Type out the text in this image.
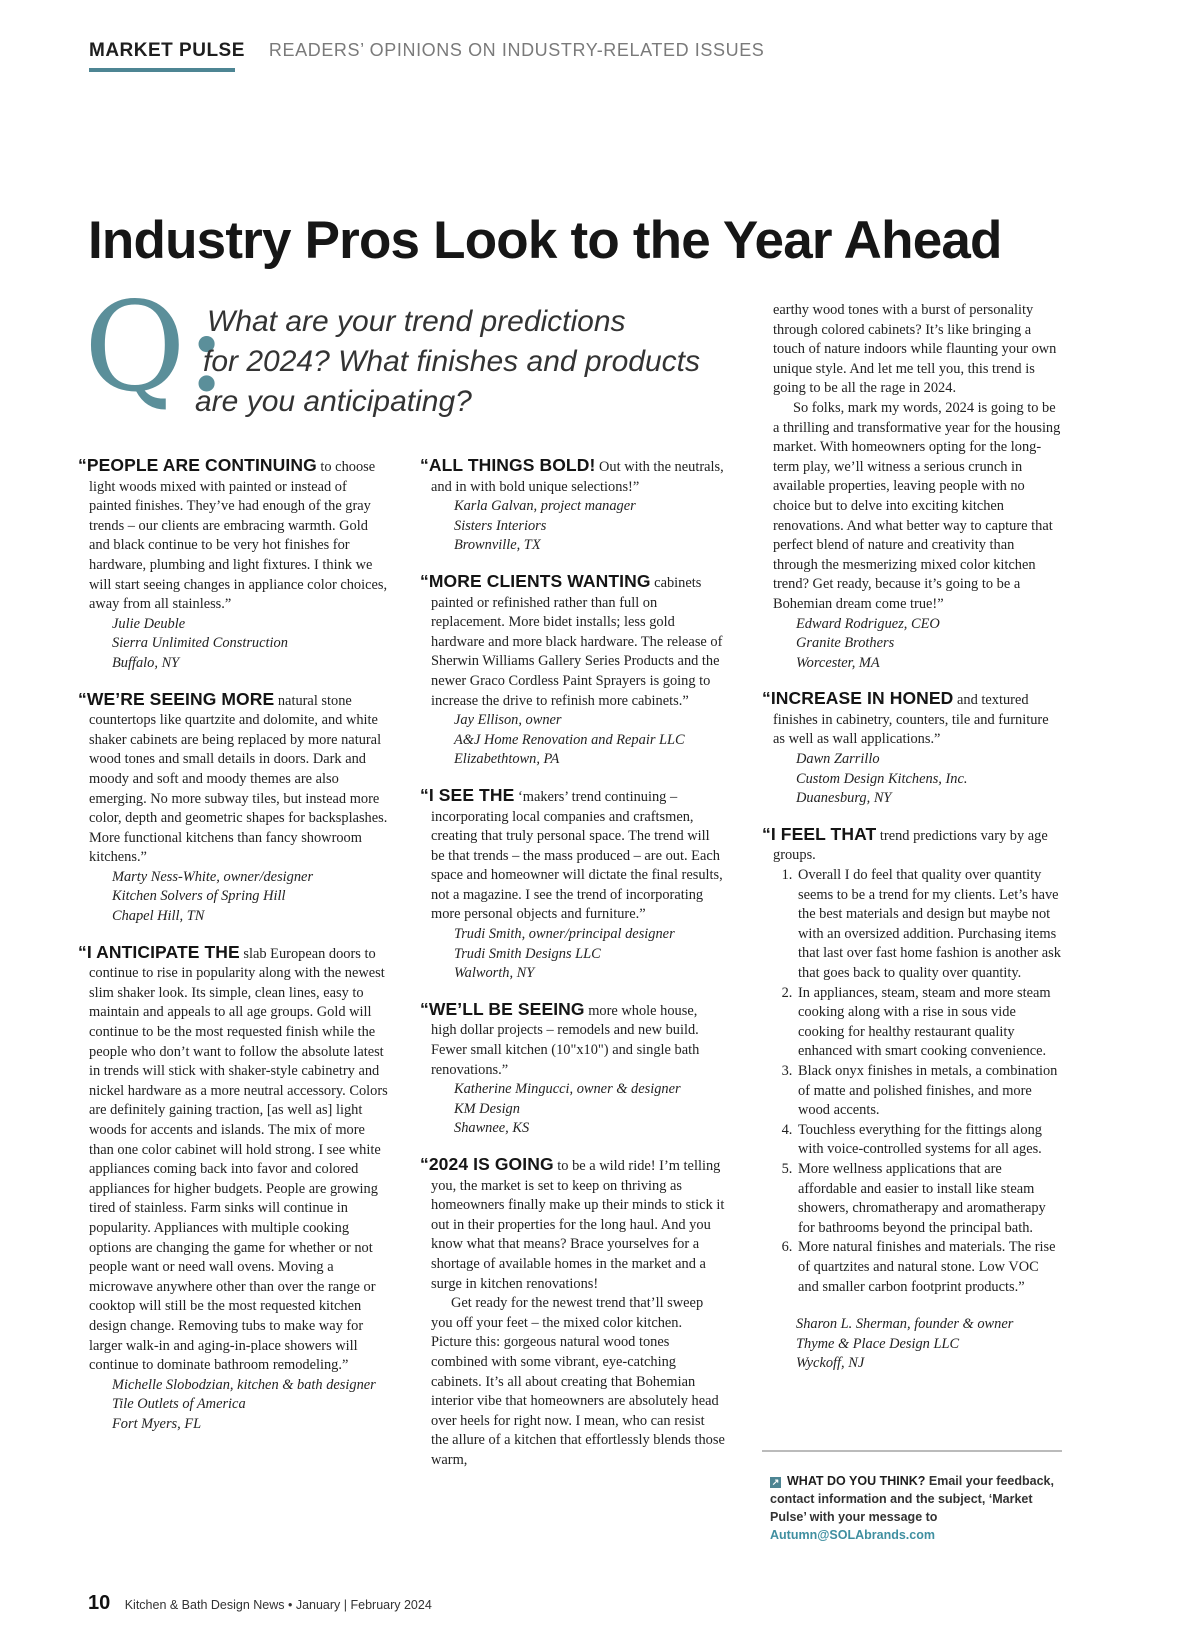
MARKET PULSE READERS’ OPINIONS ON INDUSTRY-RELATED ISSUES
Industry Pros Look to the Year Ahead
Q:
What are your trend predictions
for 2024? What finishes and products
are you anticipating?

“PEOPLE ARE CONTINUING to choose light woods mixed with painted or instead of painted finishes. They’ve had enough of the gray trends – our clients are embracing warmth. Gold and black continue to be very hot finishes for hardware, plumbing and light fixtures. I think we will start seeing changes in appliance color choices, away from all stainless.”

Julie Deuble
Sierra Unlimited Construction
Buffalo, NY

“WE’RE SEEING MORE natural stone countertops like quartzite and dolomite, and white shaker cabinets are being replaced by more natural wood tones and small details in doors. Dark and moody and soft and moody themes are also emerging. No more subway tiles, but instead more color, depth and geometric shapes for backsplashes. More functional kitchens than fancy showroom kitchens.”

Marty Ness-White, owner/designer
Kitchen Solvers of Spring Hill
Chapel Hill, TN

“I ANTICIPATE THE slab European doors to continue to rise in popularity along with the newest slim shaker look. Its simple, clean lines, easy to maintain and appeals to all age groups. Gold will continue to be the most requested finish while the people who don’t want to follow the absolute latest in trends will stick with shaker-style cabinetry and nickel hardware as a more neutral accessory. Colors are definitely gaining traction, [as well as] light woods for accents and islands. The mix of more than one color cabinet will hold strong. I see white appliances coming back into favor and colored appliances for higher budgets. People are growing tired of stainless. Farm sinks will continue in popularity. Appliances with multiple cooking options are changing the game for whether or not people want or need wall ovens. Moving a microwave anywhere other than over the range or cooktop will still be the most requested kitchen design change. Removing tubs to make way for larger walk-in and aging-in-place showers will continue to dominate bathroom remodeling.”

Michelle Slobodzian, kitchen & bath designer
Tile Outlets of America
Fort Myers, FL

“ALL THINGS BOLD! Out with the neutrals, and in with bold unique selections!”

Karla Galvan, project manager
Sisters Interiors
Brownville, TX

“MORE CLIENTS WANTING cabinets painted or refinished rather than full on replacement. More bidet installs; less gold hardware and more black hardware. The release of Sherwin Williams Gallery Series Products and the newer Graco Cordless Paint Sprayers is going to increase the drive to refinish more cabinets.”

Jay Ellison, owner
A&J Home Renovation and Repair LLC
Elizabethtown, PA

“I SEE THE ‘makers’ trend continuing – incorporating local companies and craftsmen, creating that truly personal space. The trend will be that trends – the mass produced – are out. Each space and homeowner will dictate the final results, not a magazine. I see the trend of incorporating more personal objects and furniture.”

Trudi Smith, owner/principal designer
Trudi Smith Designs LLC
Walworth, NY

“WE’LL BE SEEING more whole house, high dollar projects – remodels and new build. Fewer small kitchen (10"x10") and single bath renovations.”

Katherine Mingucci, owner & designer
KM Design
Shawnee, KS

“2024 IS GOING to be a wild ride! I’m telling you, the market is set to keep on thriving as homeowners finally make up their minds to stick it out in their properties for the long haul. And you know what that means? Brace yourselves for a shortage of available homes in the market and a surge in kitchen renovations!

Get ready for the newest trend that’ll sweep you off your feet – the mixed color kitchen. Picture this: gorgeous natural wood tones combined with some vibrant, eye-catching cabinets. It’s all about creating that Bohemian interior vibe that homeowners are absolutely head over heels for right now. I mean, who can resist the allure of a kitchen that effortlessly blends those warm,

earthy wood tones with a burst of personality through colored cabinets? It’s like bringing a touch of nature indoors while flaunting your own unique style. And let me tell you, this trend is going to be all the rage in 2024.

So folks, mark my words, 2024 is going to be a thrilling and transformative year for the housing market. With homeowners opting for the long-term play, we’ll witness a serious crunch in available properties, leaving people with no choice but to delve into exciting kitchen renovations. And what better way to capture that perfect blend of nature and creativity than through the mesmerizing mixed color kitchen trend? Get ready, because it’s going to be a Bohemian dream come true!”

Edward Rodriguez, CEO
Granite Brothers
Worcester, MA

“INCREASE IN HONED and textured finishes in cabinetry, counters, tile and furniture as well as wall applications.”

Dawn Zarrillo
Custom Design Kitchens, Inc.
Duanesburg, NY

“I FEEL THAT trend predictions vary by age groups.

1. Overall I do feel that quality over quantity seems to be a trend for my clients. Let’s have the best materials and design but maybe not with an oversized addition. Purchasing items that last over fast home fashion is another ask that goes back to quality over quantity.
2. In appliances, steam, steam and more steam cooking along with a rise in sous vide cooking for healthy restaurant quality enhanced with smart cooking convenience.
3. Black onyx finishes in metals, a combination of matte and polished finishes, and more wood accents.
4. Touchless everything for the fittings along with voice-controlled systems for all ages.
5. More wellness applications that are affordable and easier to install like steam showers, chromatherapy and aromatherapy for bathrooms beyond the principal bath.
6. More natural finishes and materials. The rise of quartzites and natural stone. Low VOC and smaller carbon footprint products.”
Sharon L. Sherman, founder & owner
Thyme & Place Design LLC
Wyckoff, NJ
↗ WHAT DO YOU THINK? Email your feedback, contact information and the subject, ‘Market Pulse’ with your message to Autumn@SOLAbrands.com
10 Kitchen & Bath Design News • January | February 2024
